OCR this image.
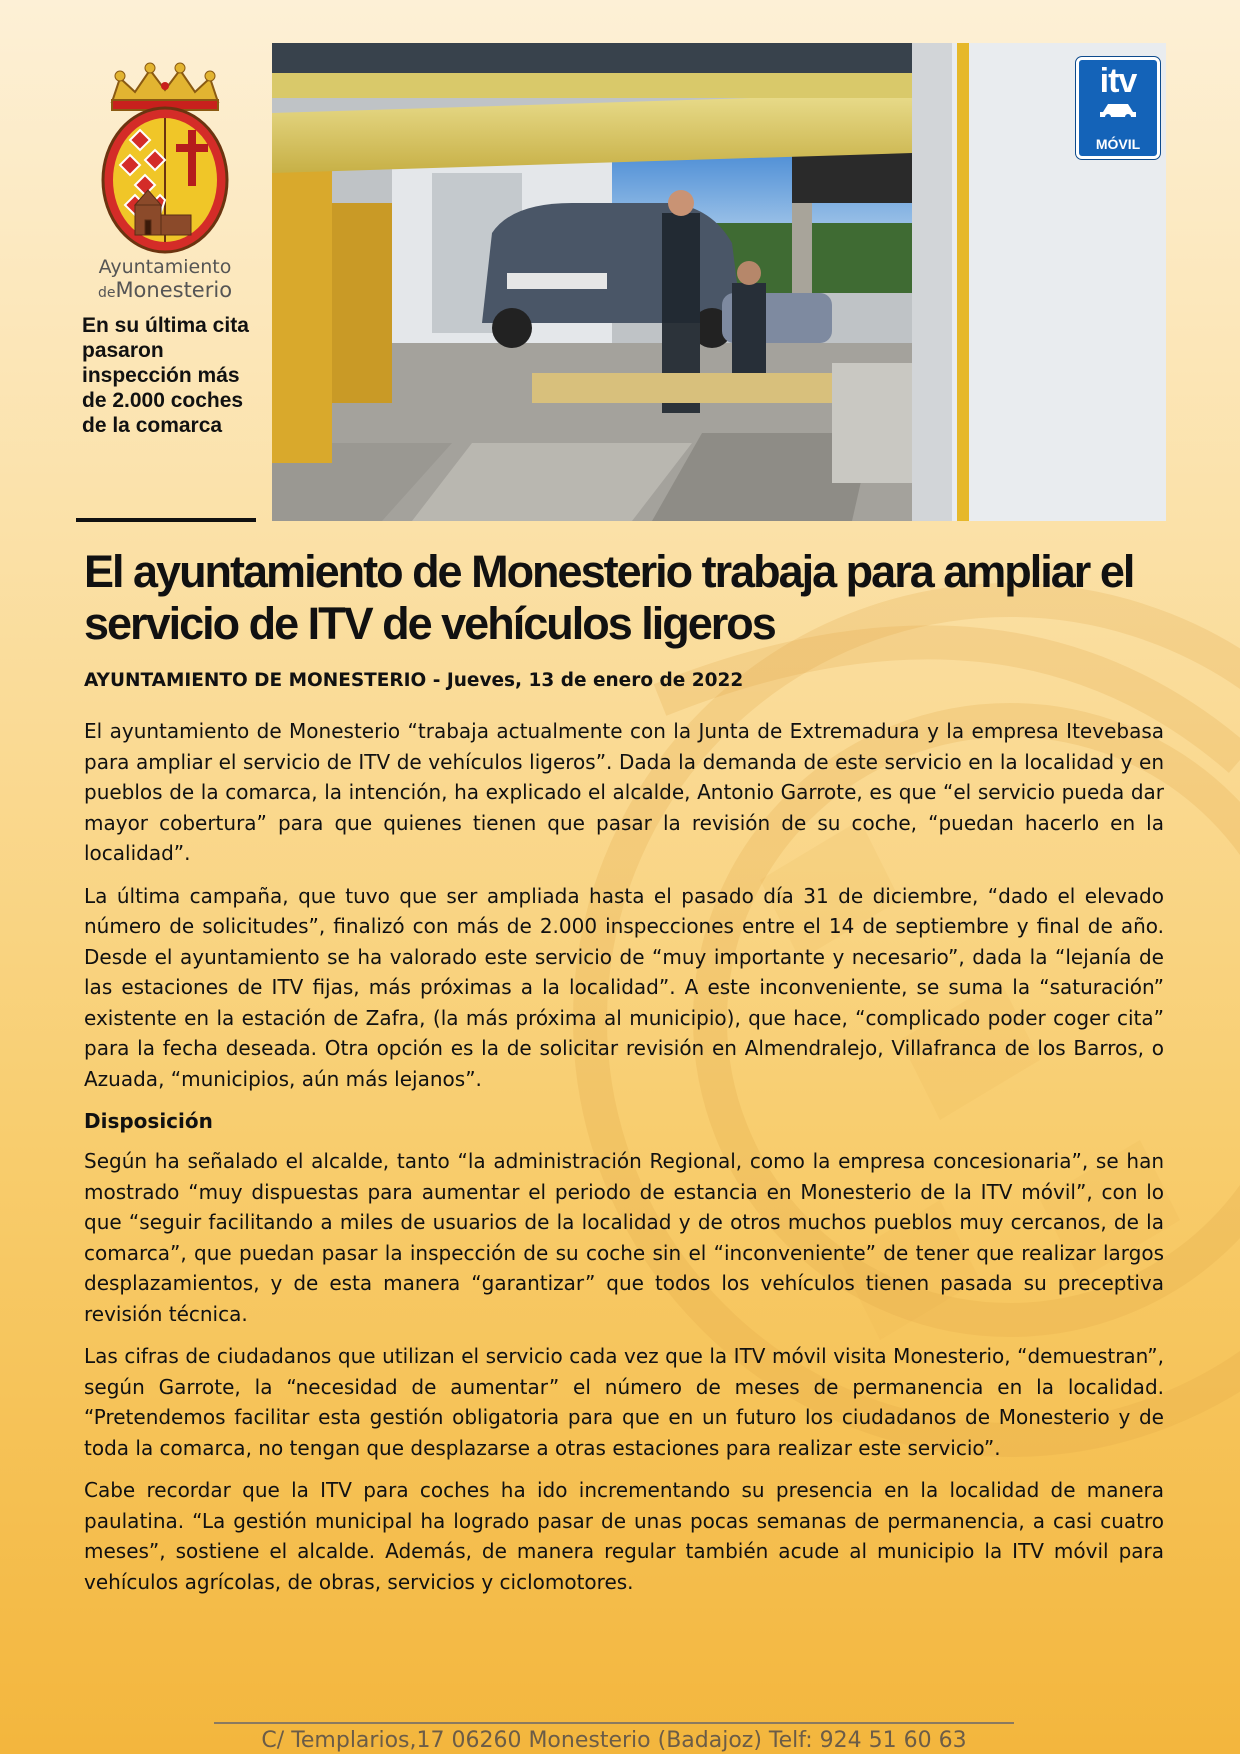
Ayuntamiento
deMonesterio

En su última cita pasaron inspección más de 2.000 coches de la comarca

itv
MÓVIL
El ayuntamiento de Monesterio trabaja para ampliar el servicio de ITV de vehículos ligeros

AYUNTAMIENTO DE MONESTERIO - Jueves, 13 de enero de 2022

El ayuntamiento de Monesterio “trabaja actualmente con la Junta de Extremadura y la empresa Itevebasa para ampliar el servicio de ITV de vehículos ligeros”. Dada la demanda de este servicio en la localidad y en pueblos de la comarca, la intención, ha explicado el alcalde, Antonio Garrote, es que “el servicio pueda dar mayor cobertura” para que quienes tienen que pasar la revisión de su coche, “puedan hacerlo en la localidad”.

La última campaña, que tuvo que ser ampliada hasta el pasado día 31 de diciembre, “dado el elevado número de solicitudes”, finalizó con más de 2.000 inspecciones entre el 14 de septiembre y final de año. Desde el ayuntamiento se ha valorado este servicio de “muy importante y necesario”, dada la “lejanía de las estaciones de ITV fijas, más próximas a la localidad”. A este inconveniente, se suma la “saturación” existente en la estación de Zafra, (la más próxima al municipio), que hace, “complicado poder coger cita” para la fecha deseada. Otra opción es la de solicitar revisión en Almendralejo, Villafranca de los Barros, o Azuada, “municipios, aún más lejanos”.

Disposición

Según ha señalado el alcalde, tanto “la administración Regional, como la empresa concesionaria”, se han mostrado “muy dispuestas para aumentar el periodo de estancia en Monesterio de la ITV móvil”, con lo que “seguir facilitando a miles de usuarios de la localidad y de otros muchos pueblos muy cercanos, de la comarca”, que puedan pasar la inspección de su coche sin el “inconveniente” de tener que realizar largos desplazamientos, y de esta manera “garantizar” que todos los vehículos tienen pasada su preceptiva revisión técnica.

Las cifras de ciudadanos que utilizan el servicio cada vez que la ITV móvil visita Monesterio, “demuestran”, según Garrote, la “necesidad de aumentar” el número de meses de permanencia en la localidad. “Pretendemos facilitar esta gestión obligatoria para que en un futuro los ciudadanos de Monesterio y de toda la comarca, no tengan que desplazarse a otras estaciones para realizar este servicio”.

Cabe recordar que la ITV para coches ha ido incrementando su presencia en la localidad de manera paulatina. “La gestión municipal ha logrado pasar de unas pocas semanas de permanencia, a casi cuatro meses”, sostiene el alcalde. Además, de manera regular también acude al municipio la ITV móvil para vehículos agrícolas, de obras, servicios y ciclomotores.

C/ Templarios,17 06260 Monesterio (Badajoz) Telf: 924 51 60 63
